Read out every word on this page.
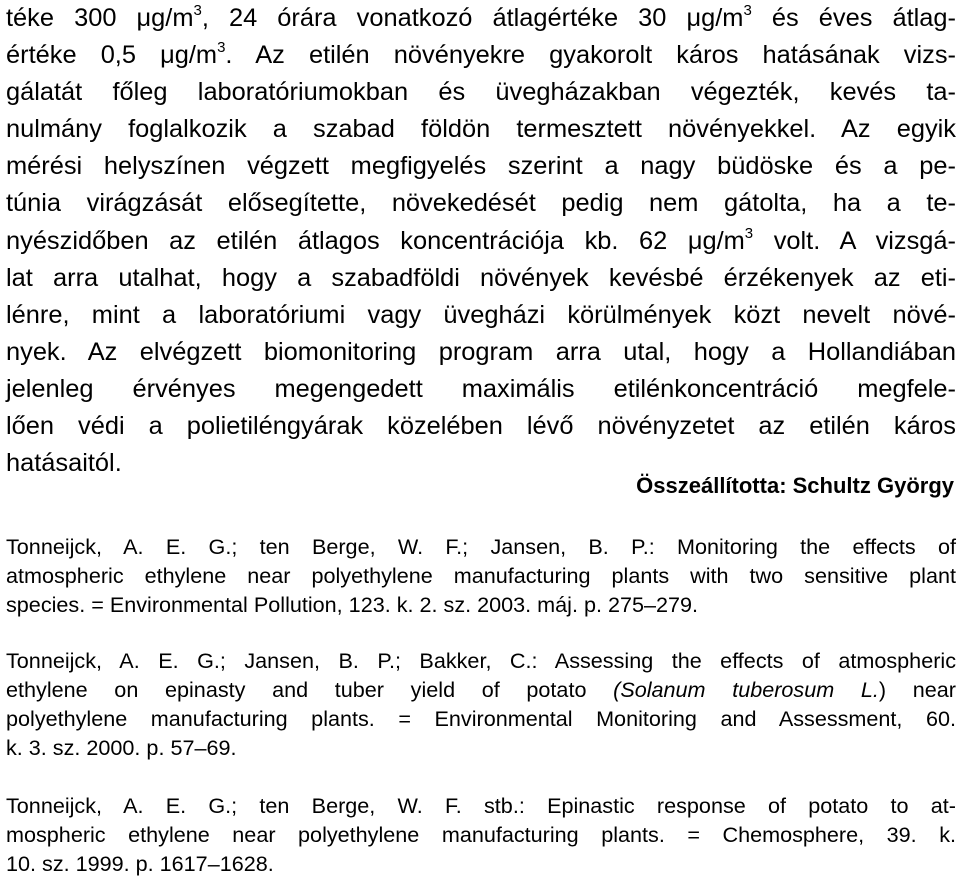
téke 300 $\mu g/m^3$, 24 órára vonatkozó átlagértéke 30 $\mu g/m^3$ és éves átlag-
értéke 0,5 $\mu g/m^3$. Az etilén növényekre gyakorolt káros hatásának vizs-
gálatát főleg laboratóriumokban és üvegházakban végezték, kevés ta-
nulmány foglalkozik a szabad földön termesztett növényekkel. Az egyik
mérési helyszínen végzett megfigyelés szerint a nagy büdöske és a pe-
túnia virágzását elősegítette, növekedését pedig nem gátolta, ha a te-
nyészidőben az etilén átlagos koncentrációja kb. 62 $\mu g/m^3$ volt. A vizsgá-
lat arra utalhat, hogy a szabadföldi növények kevésbé érzékenyek az eti-
lénre, mint a laboratóriumi vagy üvegházi körülmények közt nevelt növé-
nyek. Az elvégzett biomonitoring program arra utal, hogy a Hollandiában
jelenleg érvényes megengedett maximális etilénkoncentráció megfele-
lően védi a polietiléngyárak közelében lévő növényzetet az etilén káros
hatásaitól.

Összeállította: Schultz György

Tonneijck, A. E. G.; ten Berge, W. F.; Jansen, B. P.: Monitoring the effects of
atmospheric ethylene near polyethylene manufacturing plants with two sensitive plant
species. = Environmental Pollution, 123. k. 2. sz. 2003. máj. p. 275–279.
Tonneijck, A. E. G.; Jansen, B. P.; Bakker, C.: Assessing the effects of atmospheric
ethylene on epinasty and tuber yield of potato (Solanum tuberosum L.) near
polyethylene manufacturing plants. = Environmental Monitoring and Assessment, 60.
k. 3. sz. 2000. p. 57–69.
Tonneijck, A. E. G.; ten Berge, W. F. stb.: Epinastic response of potato to at-
mospheric ethylene near polyethylene manufacturing plants. = Chemosphere, 39. k.
10. sz. 1999. p. 1617–1628.
